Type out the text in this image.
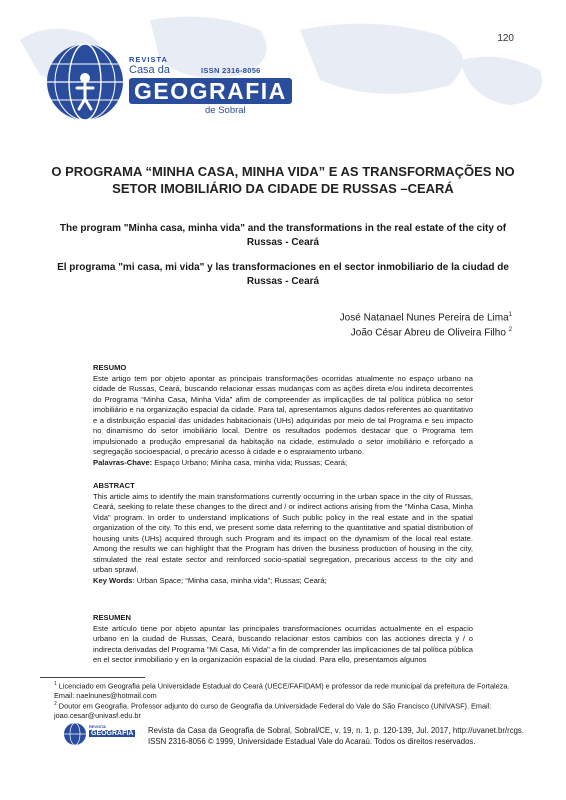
120
REVISTA
Casa da	ISSN 2316-8056
GEOGRAFIA
de Sobral
O PROGRAMA “MINHA CASA, MINHA VIDA” E AS TRANSFORMAÇÕES NO SETOR IMOBILIÁRIO DA CIDADE DE RUSSAS –CEARÁ
The program "Minha casa, minha vida" and the transformations in the real estate of the city of Russas - Ceará
El programa "mi casa, mi vida" y las transformaciones en el sector inmobiliario de la ciudad de Russas - Ceará
José Natanael Nunes Pereira de Lima$^1$
João César Abreu de Oliveira Filho $^2$
RESUMO
Este artigo tem por objeto apontar as principais transformações ocorridas atualmente no espaço urbano na cidade de Russas, Ceará, buscando relacionar essas mudanças com as ações direta e/ou indireta decorrentes do Programa “Minha Casa, Minha Vida” afim de compreender as implicações de tal política pública no setor imobiliário e na organização espacial da cidade. Para tal, apresentamos alguns dados referentes ao quantitativo e a distribuição espacial das unidades habitacionais (UHs) adquiridas por meio de tal Programa e seu impacto no dinamismo do setor imobiliário local. Dentre os resultados podemos destacar que o Programa tem impulsionado a produção empresarial da habitação na cidade, estimulado o setor imobiliário e reforçado a segregação socioespacial, o precário acesso à cidade e o espraiamento urbano.
Palavras-Chave: Espaço Urbano; Minha casa, minha vida; Russas; Ceará;
ABSTRACT
This article aims to identify the main transformations currently occurring in the urban space in the city of Russas, Ceará, seeking to relate these changes to the direct and / or indirect actions arising from the "Minha Casa, Minha Vida" program. In order to understand implications of Such public policy in the real estate and in the spatial organization of the city. To this end, we present some data referring to the quantitative and spatial distribution of housing units (UHs) acquired through such Program and its impact on the dynamism of the local real estate. Among the results we can highlight that the Program has driven the business production of housing in the city, stimulated the real estate sector and reinforced socio-spatial segregation, precarious access to the city and urban sprawl.
Key Words: Urban Space; “Minha casa, minha vida”; Russas; Ceará;
RESUMEN
Este artículo tiene por objeto apuntar las principales transformaciones ocurridas actualmente en el espacio urbano en la ciudad de Russas, Ceará, buscando relacionar estos cambios con las acciones directa y / o indirecta derivadas del Programa "Mi Casa, Mi Vida" a fin de comprender las implicaciones de tal política pública en el sector inmobiliario y en la organización espacial de la ciudad. Para ello, presentamos algunos
$^1$ Licenciado em Geografia pela Universidade Estadual do Ceará (UECE/FAFIDAM) e professor da rede municipal da prefeitura de Fortaleza. Email: naelnunes@hotmail.com
$^2$ Doutor em Geografia. Professor adjunto do curso de Geografia da Universidade Federal do Vale do São Francisco (UNIVASF). Email: joao.cesar@univasf.edu.br
REVISTA
GEOGRAFIA Revista da Casa da Geografia de Sobral, Sobral/CE, v. 19, n. 1, p. 120-139, Jul. 2017, http://uvanet.br/rcgs. ISSN 2316-8056 © 1999, Universidade Estadual Vale do Acaraú. Todos os direitos reservados.
